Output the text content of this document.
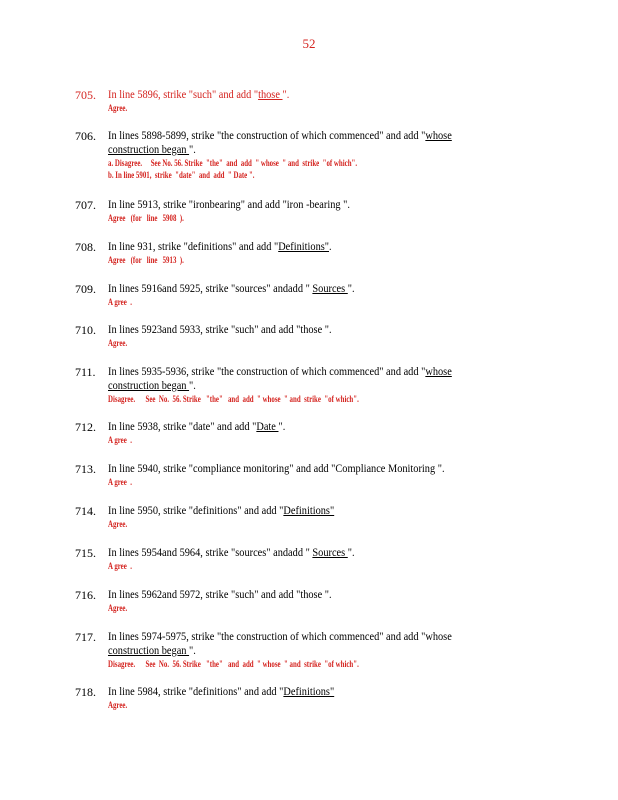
52
705.	In line 5896, strike "such" and add "those ".
Agree.
706.	In lines 5898-5899, strike "the construction of which commenced" and add "whose construction began ".
a. Disagree.     See No. 56. Strike  "the"  and  add  " whose  " and  strike  "of which".
b. In line 5901,  strike  "date"  and  add  " Date ".
707.	In line 5913, strike "ironbearing" and add "iron -bearing ".
Agree   (for   line   5908  ).
708.	In line 931, strike "definitions" and add "Definitions".
Agree   (for   line   5913  ).
709.	In lines 5916and 5925, strike "sources" andadd " Sources ".
A gree  .
710.	In lines 5923and 5933, strike "such" and add "those ".
Agree.
711.	In lines 5935-5936, strike "the construction of which commenced" and add "whose construction began ".
Disagree.      See  No.  56. Strike   "the"   and  add  " whose  " and  strike  "of which".
712.	In line 5938, strike "date" and add "Date ".
A gree  .
713.	In line 5940, strike "compliance monitoring" and add "Compliance Monitoring ".
A gree  .
714.	In line 5950, strike "definitions" and add "Definitions"
Agree.
715.	In lines 5954and 5964, strike "sources" andadd " Sources ".
A gree  .
716.	In lines 5962and 5972, strike "such" and add "those ".
Agree.
717.	In lines 5974-5975, strike "the construction of which commenced" and add "whose construction began ".
Disagree.      See  No.  56. Strike   "the"   and  add  " whose  " and  strike  "of which".
718.	In line 5984, strike "definitions" and add "Definitions"
Agree.
